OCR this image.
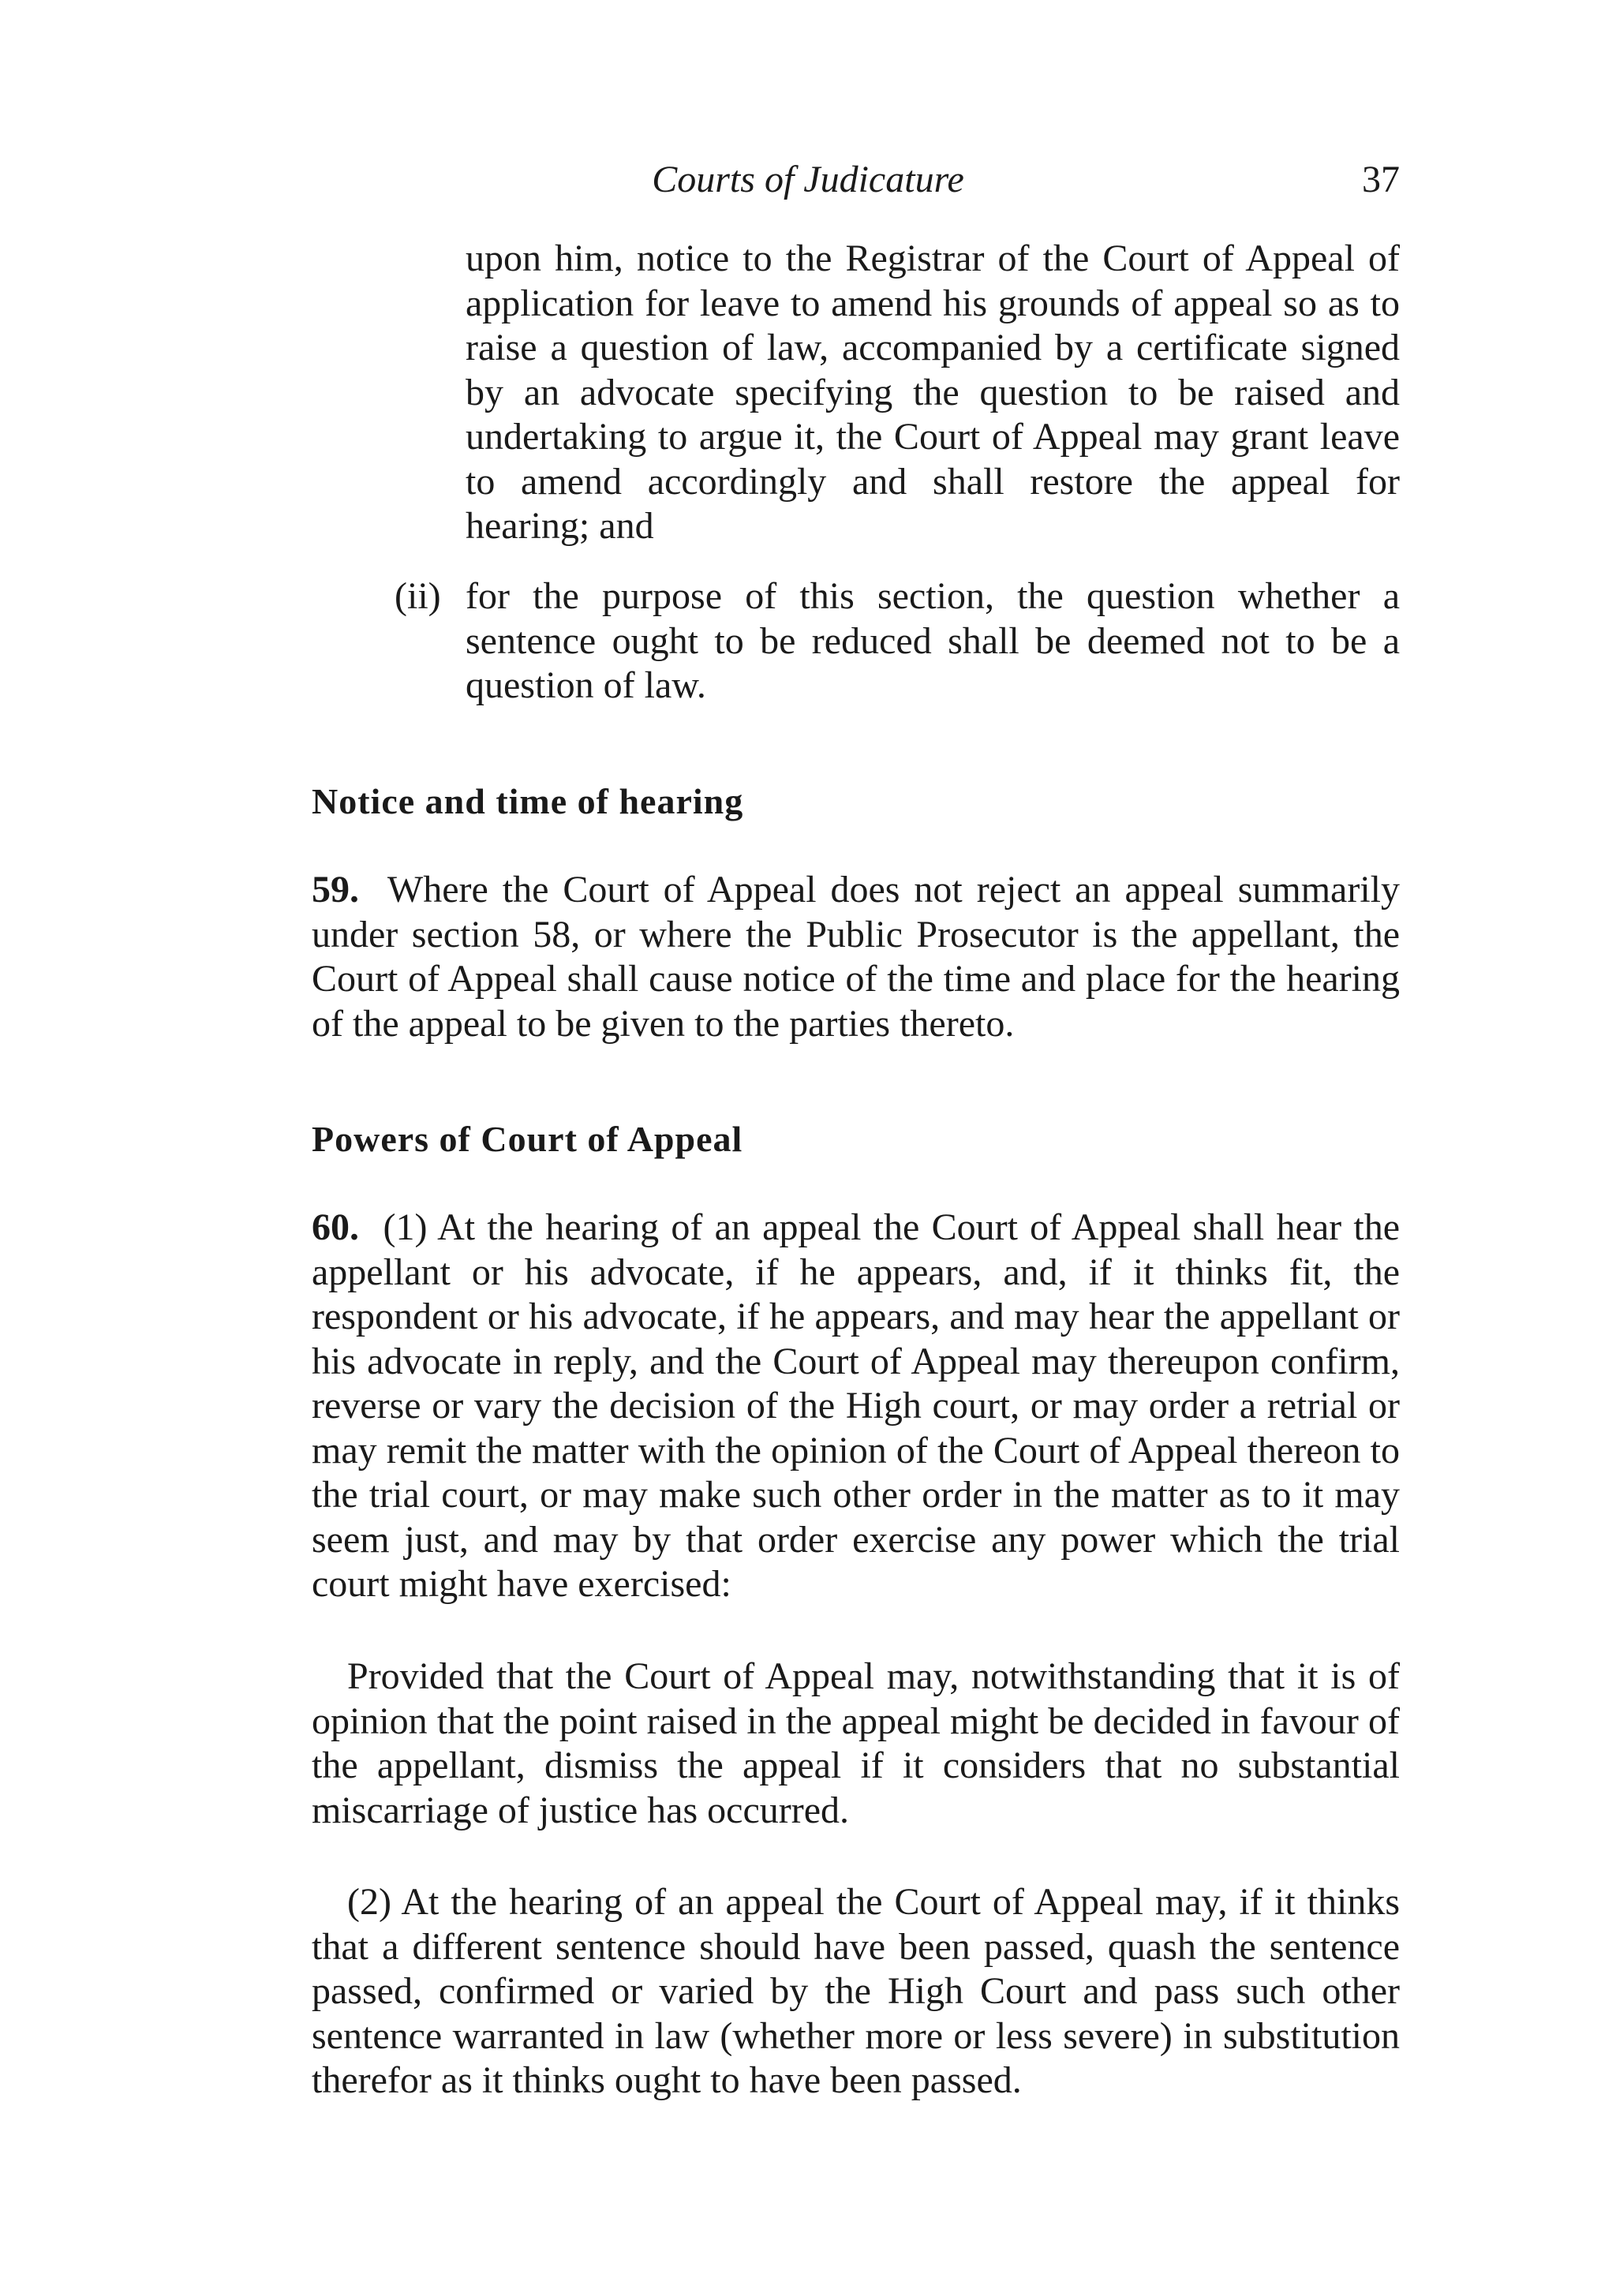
Courts of Judicature	37
upon him, notice to the Registrar of the Court of Appeal of application for leave to amend his grounds of appeal so as to raise a question of law, accompanied by a certificate signed by an advocate specifying the question to be raised and undertaking to argue it, the Court of Appeal may grant leave to amend accordingly and shall restore the appeal for hearing; and
(ii) for the purpose of this section, the question whether a sentence ought to be reduced shall be deemed not to be a question of law.
Notice and time of hearing
59. Where the Court of Appeal does not reject an appeal summarily under section 58, or where the Public Prosecutor is the appellant, the Court of Appeal shall cause notice of the time and place for the hearing of the appeal to be given to the parties thereto.
Powers of Court of Appeal
60. (1) At the hearing of an appeal the Court of Appeal shall hear the appellant or his advocate, if he appears, and, if it thinks fit, the respondent or his advocate, if he appears, and may hear the appellant or his advocate in reply, and the Court of Appeal may thereupon confirm, reverse or vary the decision of the High court, or may order a retrial or may remit the matter with the opinion of the Court of Appeal thereon to the trial court, or may make such other order in the matter as to it may seem just, and may by that order exercise any power which the trial court might have exercised:
Provided that the Court of Appeal may, notwithstanding that it is of opinion that the point raised in the appeal might be decided in favour of the appellant, dismiss the appeal if it considers that no substantial miscarriage of justice has occurred.
(2) At the hearing of an appeal the Court of Appeal may, if it thinks that a different sentence should have been passed, quash the sentence passed, confirmed or varied by the High Court and pass such other sentence warranted in law (whether more or less severe) in substitution therefor as it thinks ought to have been passed.
